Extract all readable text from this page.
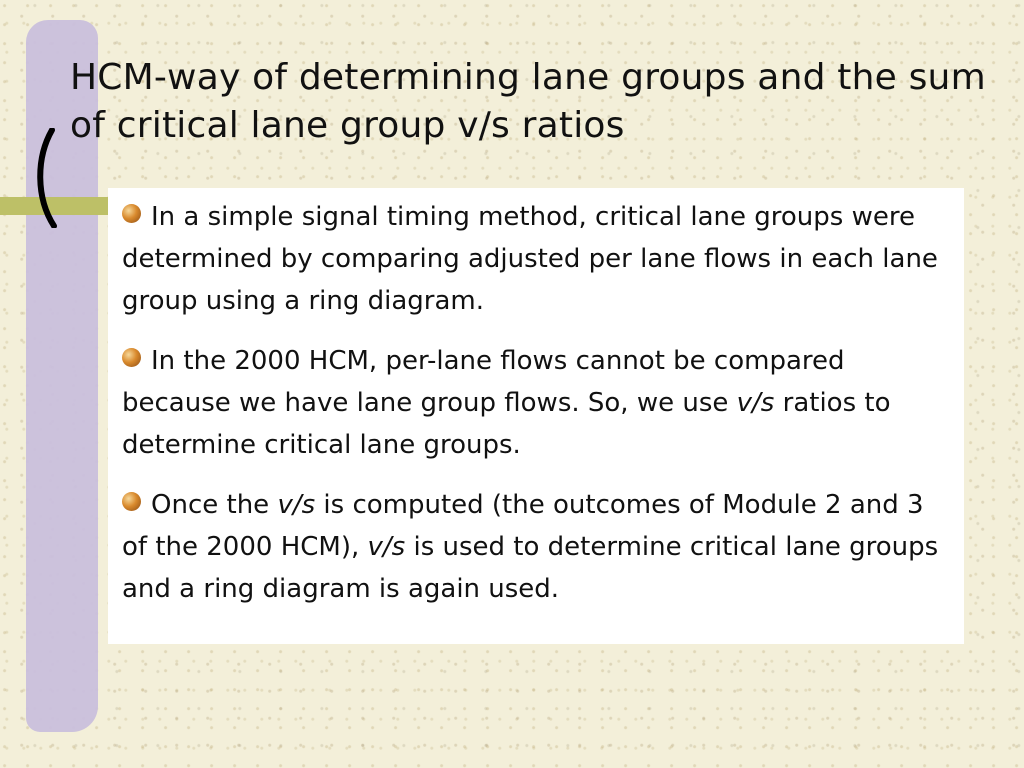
HCM-way of determining lane groups and the sum of critical lane group v/s ratios
In a simple signal timing method, critical lane groups were determined by comparing adjusted per lane flows in each lane group using a ring diagram.
In the 2000 HCM, per-lane flows cannot be compared because we have lane group flows. So, we use v/s ratios to determine critical lane groups.
Once the v/s is computed (the outcomes of Module 2 and 3 of the 2000 HCM), v/s is used to determine critical lane groups and a ring diagram is again used.
